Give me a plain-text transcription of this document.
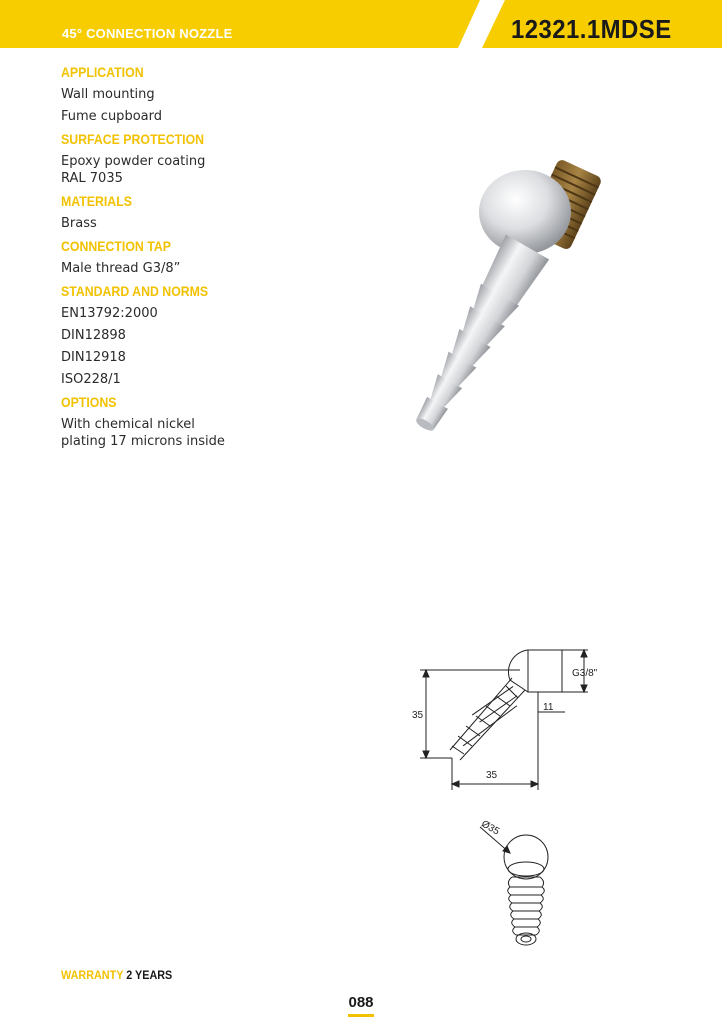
45° CONNECTION NOZZLE	12321.1MDSE
APPLICATION
Wall mounting
Fume cupboard
SURFACE PROTECTION
Epoxy powder coating
RAL 7035
MATERIALS
Brass
CONNECTION TAP
Male thread G3/8”
STANDARD AND NORMS
EN13792:2000
DIN12898
DIN12918
ISO228/1
OPTIONS
With chemical nickel
plating 17 microns inside
35
35
11
G3/8"
Ø35
WARRANTY 2 YEARS
088
